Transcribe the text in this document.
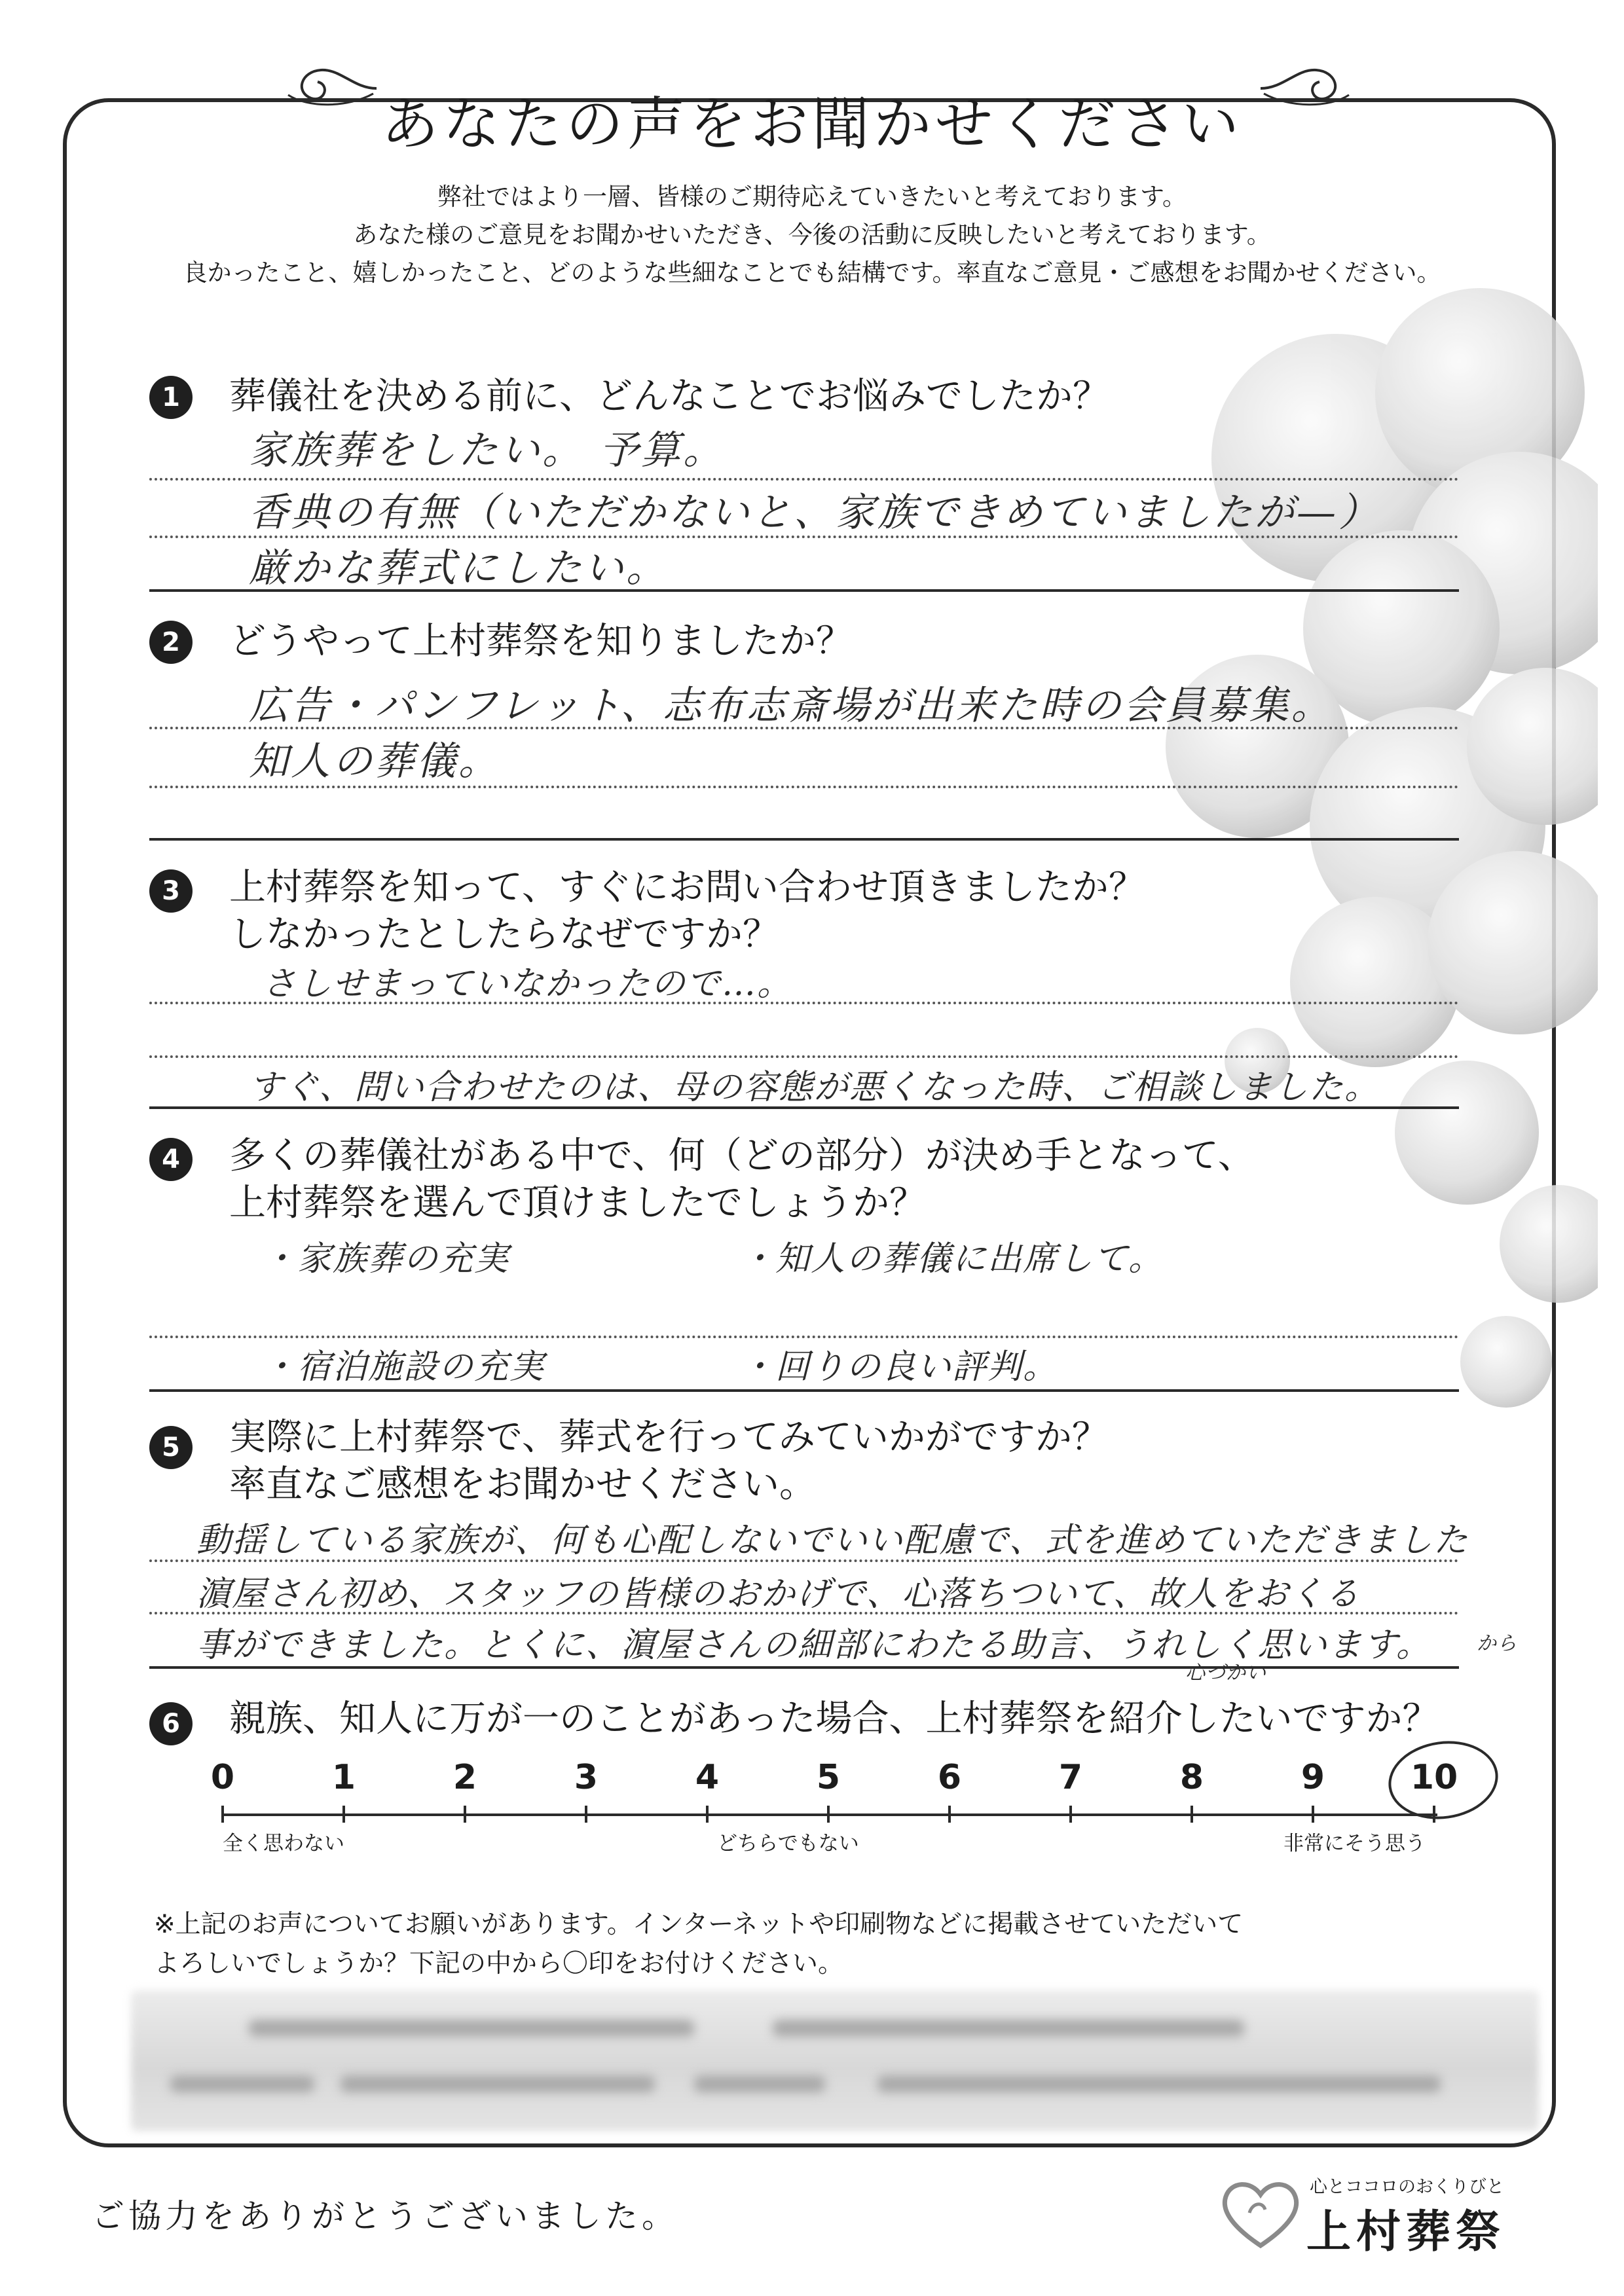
あなたの声をお聞かせください
弊社ではより一層、皆様のご期待応えていきたいと考えております。
あなた様のご意見をお聞かせいただき、今後の活動に反映したいと考えております。
良かったこと、嬉しかったこと、どのような些細なことでも結構です。率直なご意見・ご感想をお聞かせください。
1	葬儀社を決める前に、どんなことでお悩みでしたか？
家族葬をしたい。 予算。
香典の有無（いただかないと、家族できめていましたが—）
厳かな葬式にしたい。
2	どうやって上村葬祭を知りましたか？
広告・パンフレット、志布志斎場が出来た時の会員募集。
知人の葬儀。
3	上村葬祭を知って、すぐにお問い合わせ頂きましたか？
しなかったとしたらなぜですか？
さしせまっていなかったので…。
すぐ、問い合わせたのは、母の容態が悪くなった時、ご相談しました。
4	多くの葬儀社がある中で、何（どの部分）が決め手となって、
上村葬祭を選んで頂けましたでしょうか？
・家族葬の充実	・知人の葬儀に出席して。
・宿泊施設の充実	・回りの良い評判。
5	実際に上村葬祭で、葬式を行ってみていかがですか？
率直なご感想をお聞かせください。
動揺している家族が、何も心配しないでいい配慮で、式を進めていただきました
濵屋さん初め、スタッフの皆様のおかげで、心落ちついて、故人をおくる
事ができました。とくに、濵屋さんの細部にわたる助言、うれしく思います。
心づかい
から
6	親族、知人に万が一のことがあった場合、上村葬祭を紹介したいですか？
0	1	2	3	4	5	6	7	8	9	10
全く思わない	どちらでもない	非常にそう思う
※上記のお声についてお願いがあります。インターネットや印刷物などに掲載させていただいて
よろしいでしょうか？下記の中から〇印をお付けください。
ご協力をありがとうございました。
心とココロのおくりびと
上村葬祭
